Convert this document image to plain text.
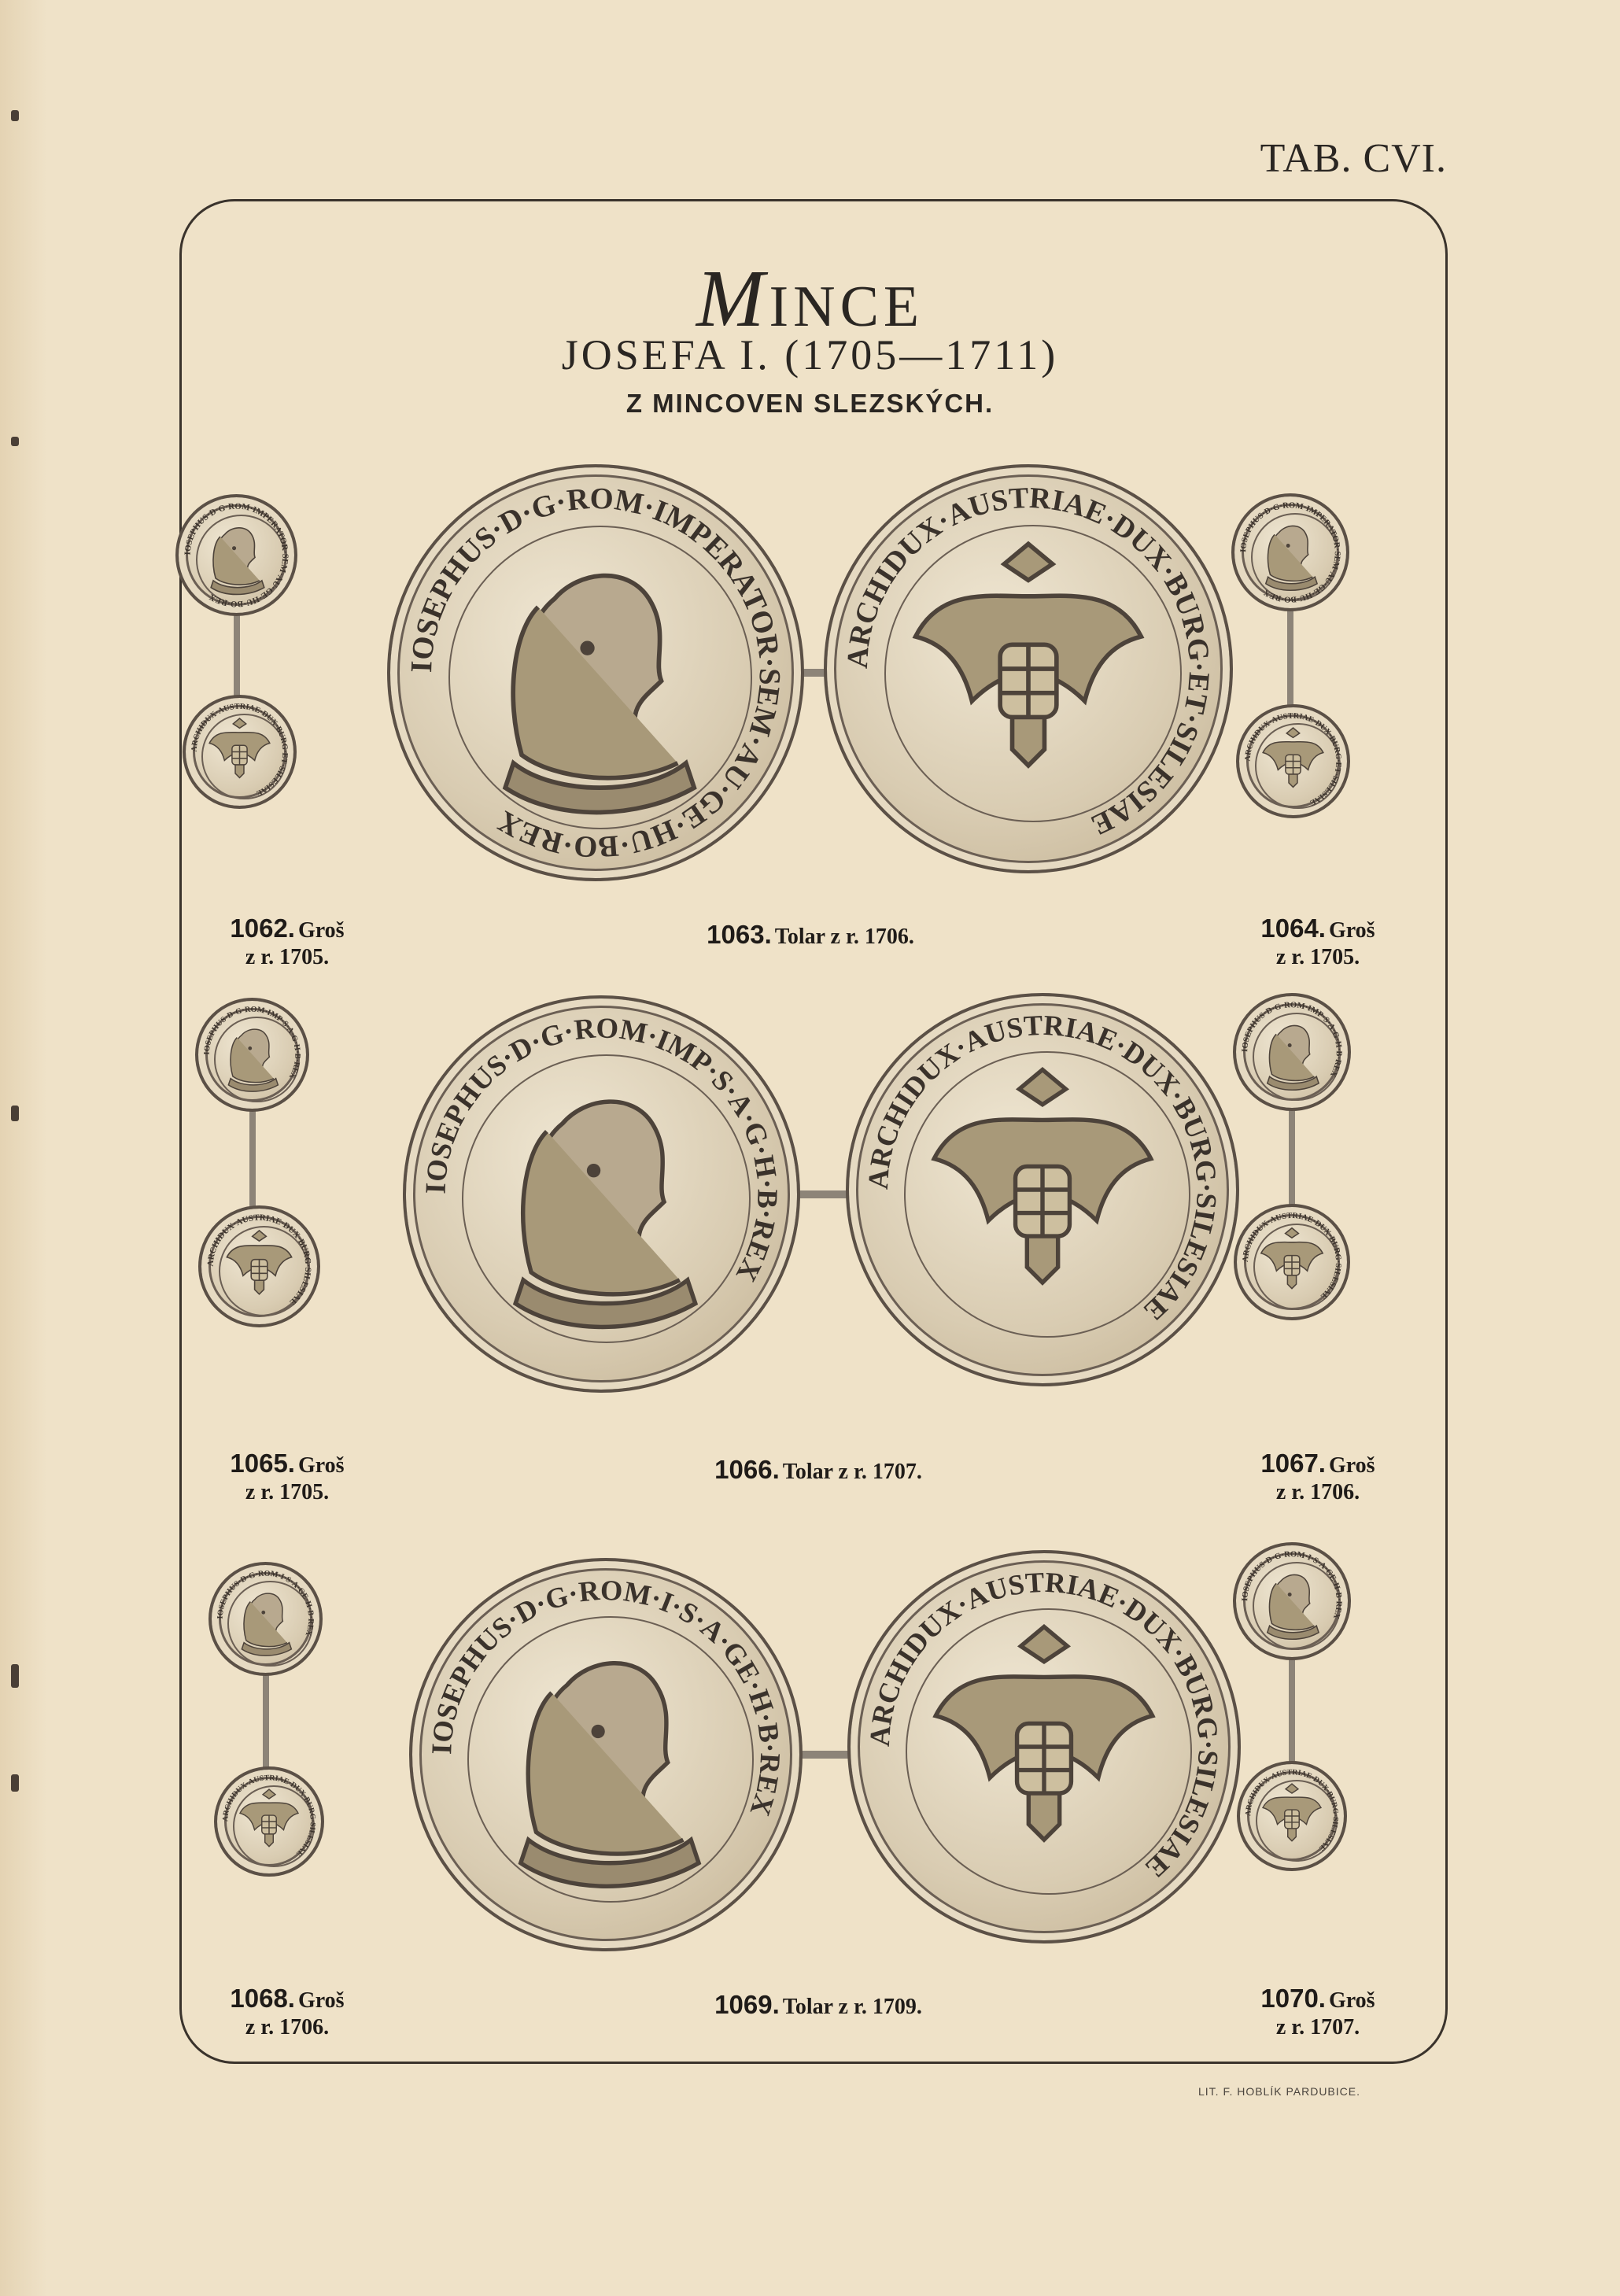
TAB. CVI.
MINCE
JOSEFA I. (1705—1711)
Z MINCOVEN SLEZSKÝCH.
IOSEPHUS·D·G·ROM·IMPERATOR·SEM·AU·GE·HU·BO·REX
ARCHIDUX·AUSTRIAE·DUX·BURG·ET·SILESIAE
IOSEPHUS·D·G·ROM·IMPERATOR·SEM·AU·GE·HU·BO·REX
ARCHIDUX·AUSTRIAE·DUX·BURG·ET·SILESIAE
IOSEPHUS·D·G·ROM·IMPERATOR·SEM·AU·GE·HU·BO·REX
ARCHIDUX·AUSTRIAE·DUX·BURG·ET·SILESIAE
1062. Groš
z r. 1705.
1063. Tolar z r. 1706.	1064. Groš
z r. 1705.
IOSEPHUS·D·G·ROM·IMP·S·A·G·H·B·REX
ARCHIDUX·AUSTRIAE·DUX·BURG·SILESIAE
IOSEPHUS·D·G·ROM·IMP·S·A·G·H·B·REX
ARCHIDUX·AUSTRIAE·DUX·BURG·SILESIAE
IOSEPHUS·D·G·ROM·IMP·S·A·G·H·B·REX
ARCHIDUX·AUSTRIAE·DUX·BURG·SILESIAE
1065. Groš
z r. 1705.
1066. Tolar z r. 1707.	1067. Groš
z r. 1706.
IOSEPHUS·D·G·ROM·I·S·A·GE·H·B·REX
ARCHIDUX·AUSTRIAE·DUX·BURG·SILESIAE
IOSEPHUS·D·G·ROM·I·S·A·GE·H·B·REX
ARCHIDUX·AUSTRIAE·DUX·BURG·SILESIAE
IOSEPHUS·D·G·ROM·I·S·A·GE·H·B·REX
ARCHIDUX·AUSTRIAE·DUX·BURG·SILESIAE
1068. Groš
z r. 1706.
1069. Tolar z r. 1709.	1070. Groš
z r. 1707.
LIT. F. HOBLÍK PARDUBICE.
